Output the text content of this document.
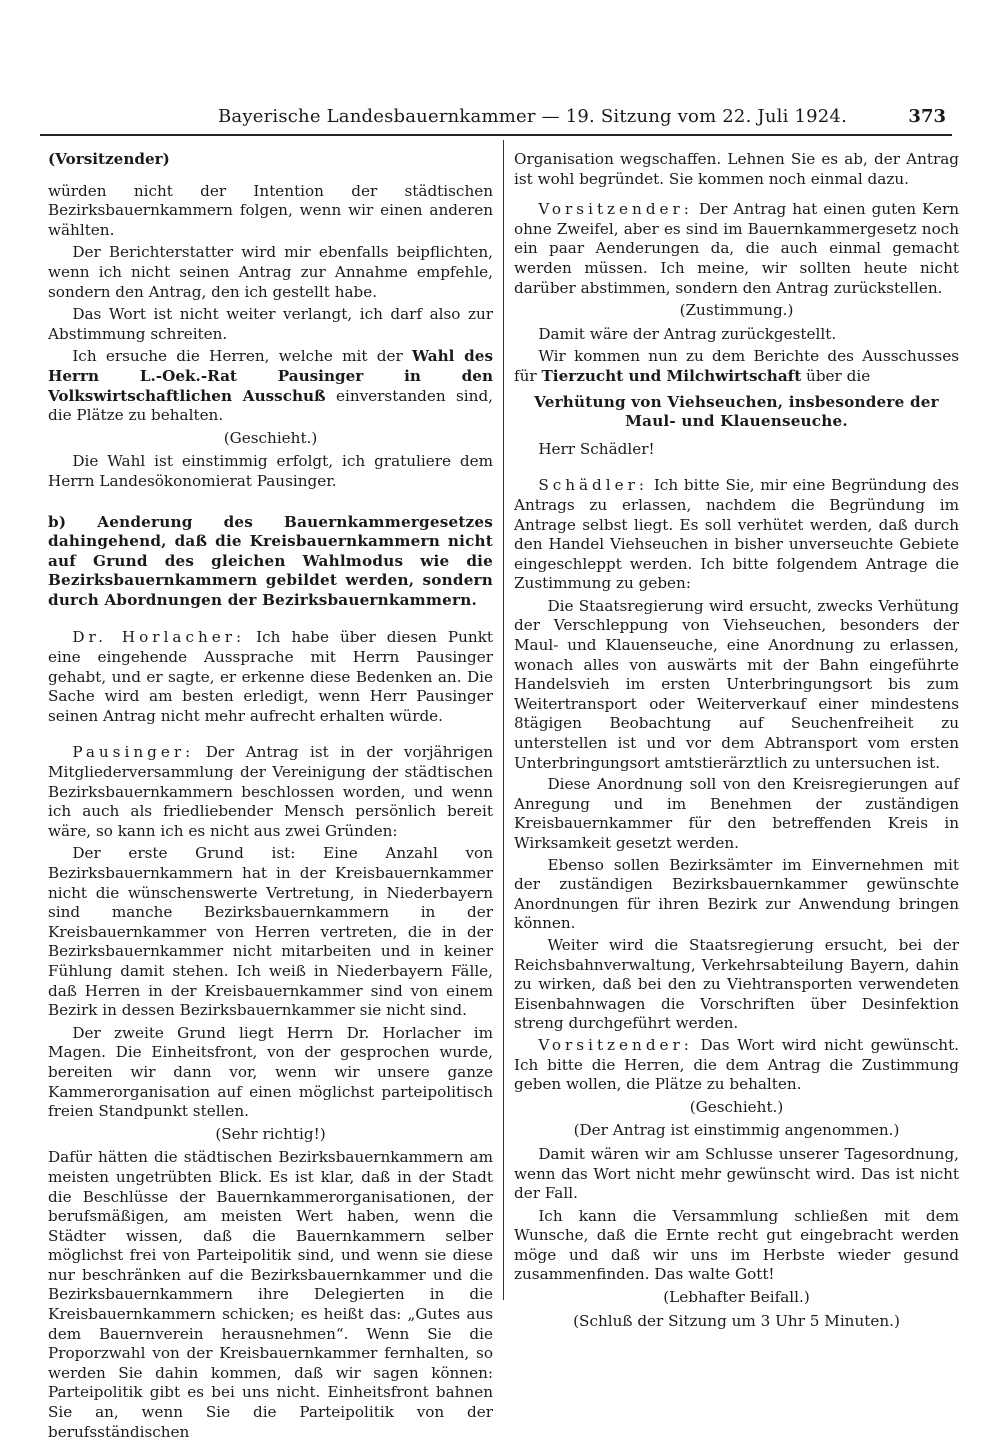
Bayerische Landesbauernkammer — 19. Sitzung vom 22. Juli 1924.	373

(Vorsitzender)

würden nicht der Intention der städtischen Bezirksbauernkammern folgen, wenn wir einen anderen wählten.

Der Berichterstatter wird mir ebenfalls beipflichten, wenn ich nicht seinen Antrag zur Annahme empfehle, sondern den Antrag, den ich gestellt habe.

Das Wort ist nicht weiter verlangt, ich darf also zur Abstimmung schreiten.

Ich ersuche die Herren, welche mit der Wahl des Herrn L.-Oek.-Rat Pausinger in den Volkswirtschaftlichen Ausschuß einverstanden sind, die Plätze zu behalten.

(Geschieht.)

Die Wahl ist einstimmig erfolgt, ich gratuliere dem Herrn Landesökonomierat Pausinger.

b) Aenderung des Bauernkammergesetzes dahingehend, daß die Kreisbauernkammern nicht auf Grund des gleichen Wahlmodus wie die Bezirksbauernkammern gebildet werden, sondern durch Abordnungen der Bezirksbauernkammern.

Dr. Horlacher: Ich habe über diesen Punkt eine eingehende Aussprache mit Herrn Pausinger gehabt, und er sagte, er erkenne diese Bedenken an. Die Sache wird am besten erledigt, wenn Herr Pausinger seinen Antrag nicht mehr aufrecht erhalten würde.

Pausinger: Der Antrag ist in der vorjährigen Mitgliederversammlung der Vereinigung der städtischen Bezirksbauernkammern beschlossen worden, und wenn ich auch als friedliebender Mensch persönlich bereit wäre, so kann ich es nicht aus zwei Gründen:

Der erste Grund ist: Eine Anzahl von Bezirksbauernkammern hat in der Kreisbauernkammer nicht die wünschenswerte Vertretung, in Niederbayern sind manche Bezirksbauernkammern in der Kreisbauernkammer von Herren vertreten, die in der Bezirksbauernkammer nicht mitarbeiten und in keiner Fühlung damit stehen. Ich weiß in Niederbayern Fälle, daß Herren in der Kreisbauernkammer sind von einem Bezirk in dessen Bezirksbauernkammer sie nicht sind.

Der zweite Grund liegt Herrn Dr. Horlacher im Magen. Die Einheitsfront, von der gesprochen wurde, bereiten wir dann vor, wenn wir unsere ganze Kammerorganisation auf einen möglichst parteipolitisch freien Standpunkt stellen.

(Sehr richtig!)

Dafür hätten die städtischen Bezirksbauernkammern am meisten ungetrübten Blick. Es ist klar, daß in der Stadt die Beschlüsse der Bauernkammerorganisationen, der berufsmäßigen, am meisten Wert haben, wenn die Städter wissen, daß die Bauernkammern selber möglichst frei von Parteipolitik sind, und wenn sie diese nur beschränken auf die Bezirksbauernkammer und die Bezirksbauernkammern ihre Delegierten in die Kreisbauernkammern schicken; es heißt das: „Gutes aus dem Bauernverein herausnehmen“. Wenn Sie die Proporzwahl von der Kreisbauernkammer fernhalten, so werden Sie dahin kommen, daß wir sagen können: Parteipolitik gibt es bei uns nicht. Einheitsfront bahnen Sie an, wenn Sie die Parteipolitik von der berufsständischen

Organisation wegschaffen. Lehnen Sie es ab, der Antrag ist wohl begründet. Sie kommen noch einmal dazu.

Vorsitzender: Der Antrag hat einen guten Kern ohne Zweifel, aber es sind im Bauernkammergesetz noch ein paar Aenderungen da, die auch einmal gemacht werden müssen. Ich meine, wir sollten heute nicht darüber abstimmen, sondern den Antrag zurückstellen.

(Zustimmung.)

Damit wäre der Antrag zurückgestellt.

Wir kommen nun zu dem Berichte des Ausschusses für Tierzucht und Milchwirtschaft über die

Verhütung von Viehseuchen, insbesondere der Maul- und Klauenseuche.

Herr Schädler!

Schädler: Ich bitte Sie, mir eine Begründung des Antrags zu erlassen, nachdem die Begründung im Antrage selbst liegt. Es soll verhütet werden, daß durch den Handel Viehseuchen in bisher unverseuchte Gebiete eingeschleppt werden. Ich bitte folgendem Antrage die Zustimmung zu geben:

Die Staatsregierung wird ersucht, zwecks Verhütung der Verschleppung von Viehseuchen, besonders der Maul- und Klauenseuche, eine Anordnung zu erlassen, wonach alles von auswärts mit der Bahn eingeführte Handelsvieh im ersten Unterbringungsort bis zum Weitertransport oder Weiterverkauf einer mindestens 8tägigen Beobachtung auf Seuchenfreiheit zu unterstellen ist und vor dem Abtransport vom ersten Unterbringungsort amtstierärztlich zu untersuchen ist.

Diese Anordnung soll von den Kreisregierungen auf Anregung und im Benehmen der zuständigen Kreisbauernkammer für den betreffenden Kreis in Wirksamkeit gesetzt werden.

Ebenso sollen Bezirksämter im Einvernehmen mit der zuständigen Bezirksbauernkammer gewünschte Anordnungen für ihren Bezirk zur Anwendung bringen können.

Weiter wird die Staatsregierung ersucht, bei der Reichsbahnverwaltung, Verkehrsabteilung Bayern, dahin zu wirken, daß bei den zu Viehtransporten verwendeten Eisenbahnwagen die Vorschriften über Desinfektion streng durchgeführt werden.

Vorsitzender: Das Wort wird nicht gewünscht. Ich bitte die Herren, die dem Antrag die Zustimmung geben wollen, die Plätze zu behalten.

(Geschieht.)

(Der Antrag ist einstimmig angenommen.)

Damit wären wir am Schlusse unserer Tagesordnung, wenn das Wort nicht mehr gewünscht wird. Das ist nicht der Fall.

Ich kann die Versammlung schließen mit dem Wunsche, daß die Ernte recht gut eingebracht werden möge und daß wir uns im Herbste wieder gesund zusammenfinden. Das walte Gott!

(Lebhafter Beifall.)

(Schluß der Sitzung um 3 Uhr 5 Minuten.)
